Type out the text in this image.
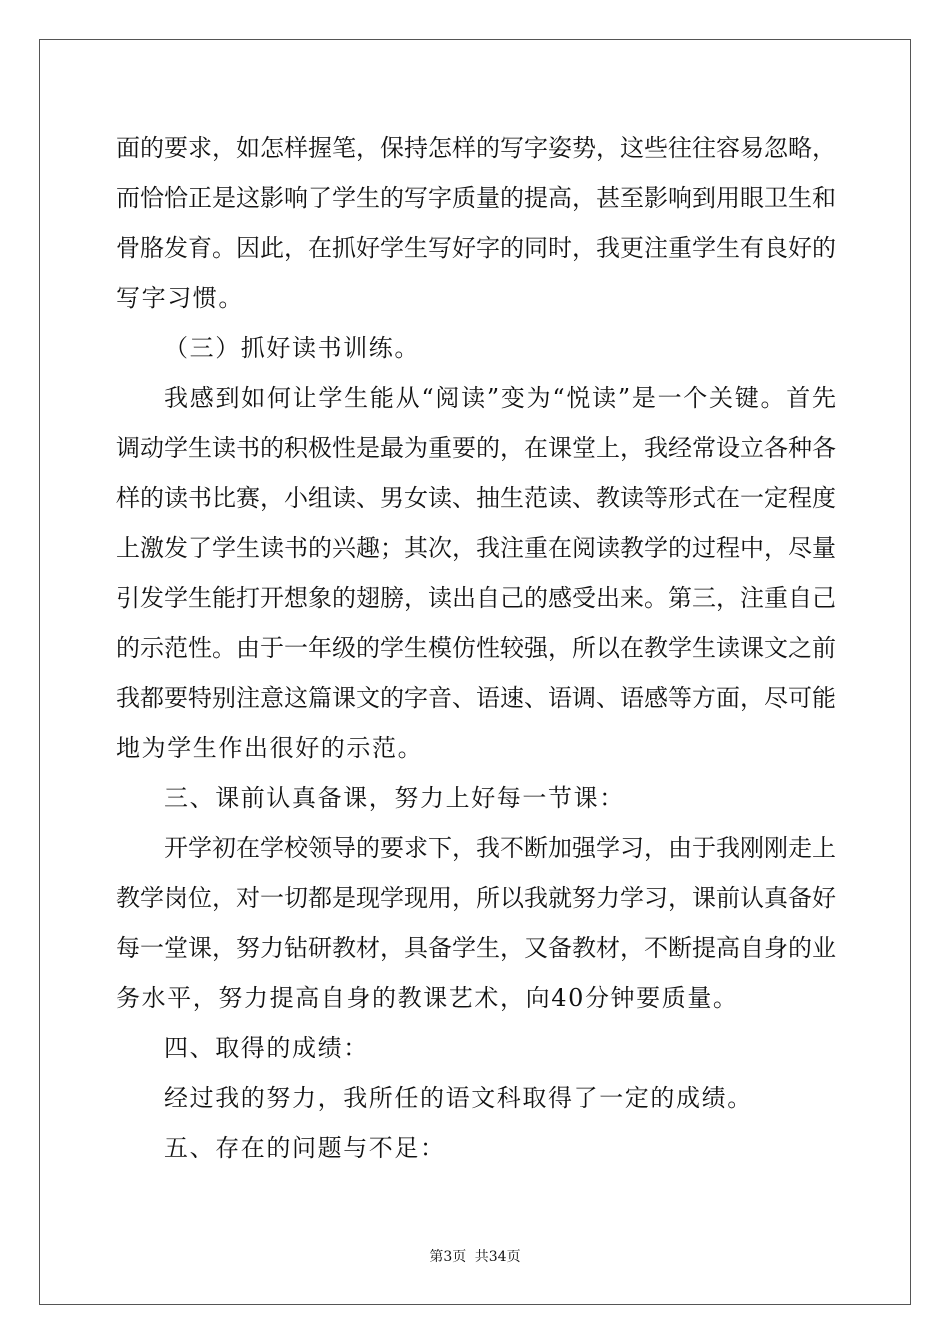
面的要求，如怎样握笔，保持怎样的写字姿势，这些往往容易忽略，
而恰恰正是这影响了学生的写字质量的提高，甚至影响到用眼卫生和
骨胳发育。因此，在抓好学生写好字的同时，我更注重学生有良好的
写字习惯。
（三）抓好读书训练。
我感到如何让学生能从“阅读”变为“悦读”是一个关键。首先
调动学生读书的积极性是最为重要的，在课堂上，我经常设立各种各
样的读书比赛，小组读、男女读、抽生范读、教读等形式在一定程度
上激发了学生读书的兴趣；其次，我注重在阅读教学的过程中，尽量
引发学生能打开想象的翅膀，读出自己的感受出来。第三，注重自己
的示范性。由于一年级的学生模仿性较强，所以在教学生读课文之前
我都要特别注意这篇课文的字音、语速、语调、语感等方面，尽可能
地为学生作出很好的示范。
三、课前认真备课，努力上好每一节课：
开学初在学校领导的要求下，我不断加强学习，由于我刚刚走上
教学岗位，对一切都是现学现用，所以我就努力学习，课前认真备好
每一堂课，努力钻研教材，具备学生，又备教材，不断提高自身的业
务水平，努力提高自身的教课艺术，向40分钟要质量。
四、取得的成绩：
经过我的努力，我所任的语文科取得了一定的成绩。
五、存在的问题与不足：
第3页 共34页
